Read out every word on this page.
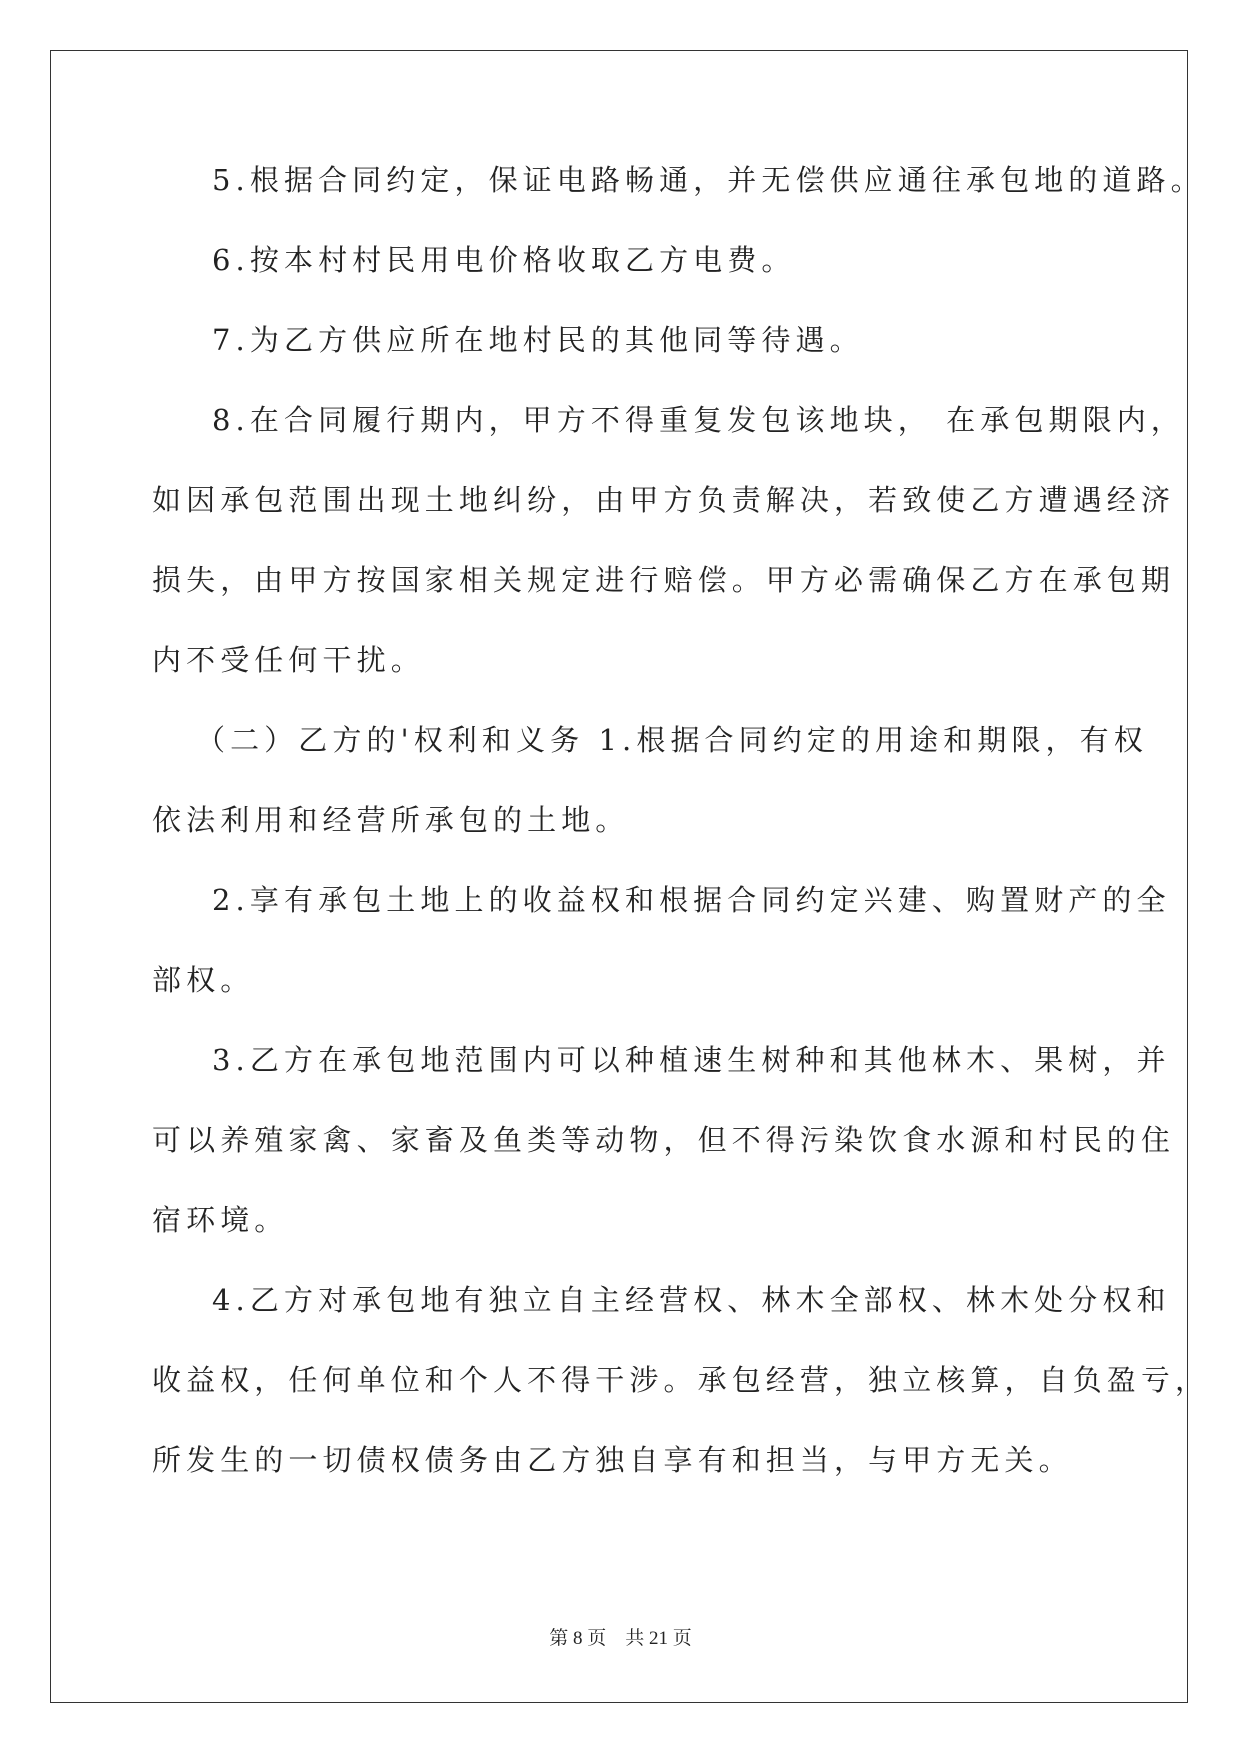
5.根据合同约定，保证电路畅通，并无偿供应通往承包地的道路。
6.按本村村民用电价格收取乙方电费。
7.为乙方供应所在地村民的其他同等待遇。
8.在合同履行期内，甲方不得重复发包该地块， 在承包期限内，
如因承包范围出现土地纠纷，由甲方负责解决，若致使乙方遭遇经济
损失，由甲方按国家相关规定进行赔偿。甲方必需确保乙方在承包期
内不受任何干扰。
（二）乙方的'权利和义务 1.根据合同约定的用途和期限，有权
依法利用和经营所承包的土地。
2.享有承包土地上的收益权和根据合同约定兴建、购置财产的全
部权。
3.乙方在承包地范围内可以种植速生树种和其他林木、果树，并
可以养殖家禽、家畜及鱼类等动物，但不得污染饮食水源和村民的住
宿环境。
4.乙方对承包地有独立自主经营权、林木全部权、林木处分权和
收益权，任何单位和个人不得干涉。承包经营，独立核算，自负盈亏，
所发生的一切债权债务由乙方独自享有和担当，与甲方无关。
第 8 页 共 21 页
